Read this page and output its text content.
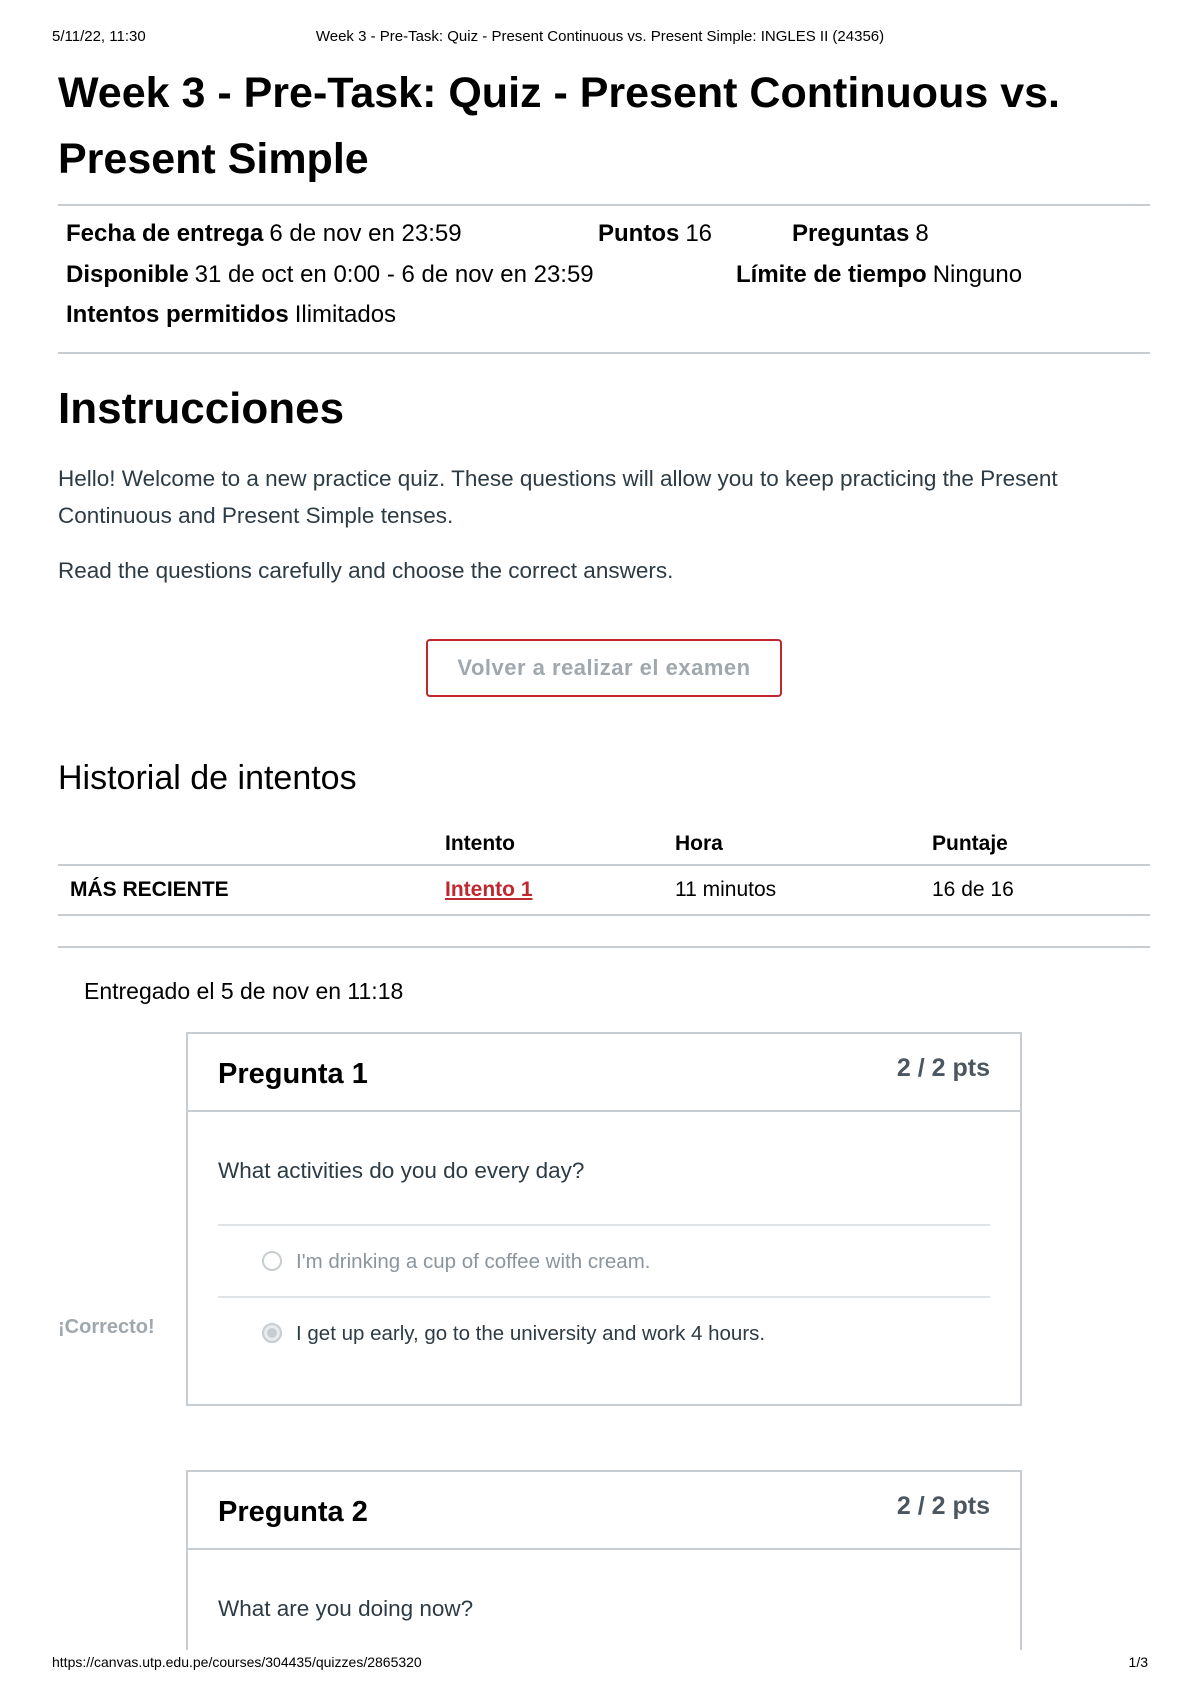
5/11/22, 11:30	Week 3 - Pre-Task: Quiz - Present Continuous vs. Present Simple: INGLES II (24356)
Week 3 - Pre-Task: Quiz - Present Continuous vs. Present Simple
Fecha de entrega 6 de nov en 23:59	Puntos 16	Preguntas 8
Disponible 31 de oct en 0:00 - 6 de nov en 23:59	Límite de tiempo Ninguno
Intentos permitidos Ilimitados
Instrucciones

Hello! Welcome to a new practice quiz. These questions will allow you to keep practicing the Present Continuous and Present Simple tenses.

Read the questions carefully and choose the correct answers.

Volver a realizar el examen
Historial de intentos
	Intento	Hora	Puntaje
MÁS RECIENTE	Intento 1	11 minutos	16 de 16
Entregado el 5 de nov en 11:18
Pregunta 1	2 / 2 pts
What activities do you do every day?
I'm drinking a cup of coffee with cream.
I get up early, go to the university and work 4 hours.
¡Correcto!
Pregunta 2	2 / 2 pts
What are you doing now?
https://canvas.utp.edu.pe/courses/304435/quizzes/2865320	1/3
